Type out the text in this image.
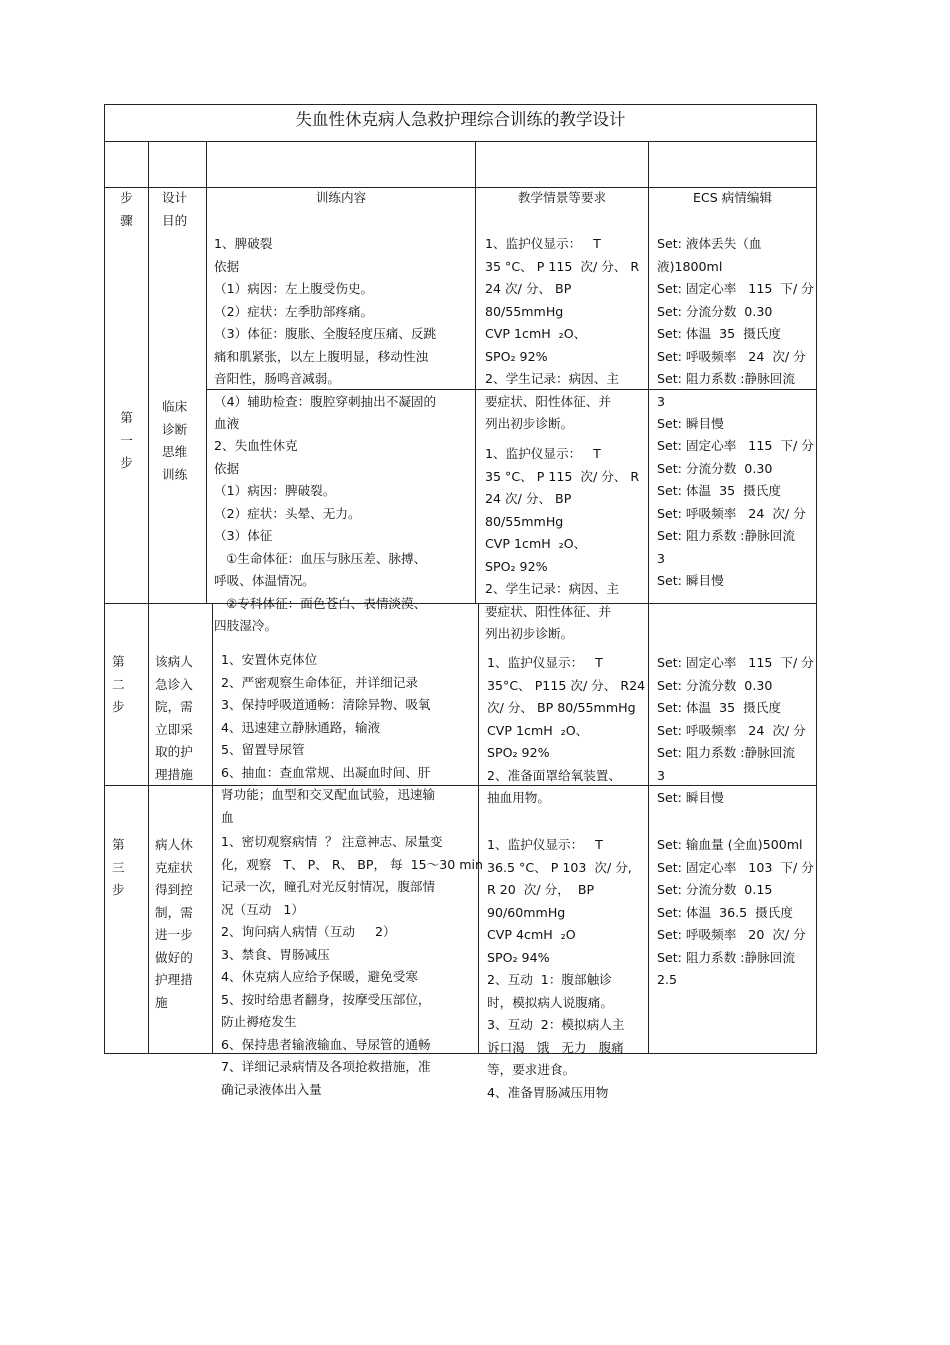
失血性休克病人急救护理综合训练的教学设计

步
骤

设计
目的

训练内容

	教学情景等要求

	ECS 病情编辑

第
一
步

临床
诊断
思维
训练

1、脾破裂
依据
（1）病因：左上腹受伤史。
（2）症状：左季肋部疼痛。
（3）体征：腹胀、全腹轻度压痛、反跳
痛和肌紧张，以左上腹明显，移动性浊
音阳性，肠鸣音减弱。
（4）辅助检查：腹腔穿刺抽出不凝固的
血液

1、监护仪显示：   T
35 °C、 P 115  次/ 分、 R
24 次/ 分、 BP
80/55mmHg
CVP 1cmH  ₂O、
SPO₂ 92%
2、学生记录：病因、主
要症状、阳性体征、并
列出初步诊断。

Set: 液体丢失（血
液)1800ml
Set: 固定心率   115  下/ 分
Set: 分流分数  0.30
Set: 体温  35  摄氏度
Set: 呼吸频率   24  次/ 分
Set: 阻力系数 :静脉回流
3
Set: 瞬目慢

2、失血性休克
依据
（1）病因：脾破裂。
（2）症状：头晕、无力。
（3）体征
①生命体征：血压与脉压差、脉搏、
呼吸、体温情况。
②专科体征：面色苍白、表情淡漠、
四肢湿冷。

1、监护仪显示：   T
35 °C、 P 115  次/ 分、 R
24 次/ 分、 BP
80/55mmHg
CVP 1cmH  ₂O、
SPO₂ 92%
2、学生记录：病因、主
要症状、阳性体征、并
列出初步诊断。

Set: 固定心率   115  下/ 分
Set: 分流分数  0.30
Set: 体温  35  摄氏度
Set: 呼吸频率   24  次/ 分
Set: 阻力系数 :静脉回流
3
Set: 瞬目慢

第
二
步

该病人
急诊入
院，需
立即采
取的护
理措施

1、安置休克体位
2、严密观察生命体征，并详细记录
3、保持呼吸道通畅：清除异物、吸氧
4、迅速建立静脉通路，输液
5、留置导尿管
6、抽血：查血常规、出凝血时间、肝
肾功能；血型和交叉配血试验，迅速输
血

1、监护仪显示：   T
35°C、 P115 次/ 分、 R24
次/ 分、 BP 80/55mmHg
CVP 1cmH  ₂O、
SPO₂ 92%
2、准备面罩给氧装置、
抽血用物。

Set: 固定心率   115  下/ 分
Set: 分流分数  0.30
Set: 体温  35  摄氏度
Set: 呼吸频率   24  次/ 分
Set: 阻力系数 :静脉回流
3
Set: 瞬目慢

第
三
步

病人休
克症状
得到控
制，需
进一步
做好的
护理措
施

1、密切观察病情  ？ 注意神志、尿量变
化，观察   T、 P、 R、 BP， 每  15～30 min
记录一次，瞳孔对光反射情况，腹部情
况（互动   1）
2、询问病人病情（互动     2）
3、禁食、胃肠减压
4、休克病人应给予保暖，避免受寒
5、按时给患者翻身，按摩受压部位，
防止褥疮发生
6、保持患者输液输血、导尿管的通畅
7、详细记录病情及各项抢救措施，准
确记录液体出入量

1、监护仪显示：   T
36.5 °C、 P 103  次/ 分,
R 20  次/ 分，  BP
90/60mmHg
CVP 4cmH  ₂O
SPO₂ 94%
2、互动  1：腹部触诊
时，模拟病人说腹痛。
3、互动  2：模拟病人主
诉口渴   饿   无力   腹痛
等，要求进食。
4、准备胃肠减压用物

Set: 输血量 (全血)500ml
Set: 固定心率   103  下/ 分
Set: 分流分数  0.15
Set: 体温  36.5  摄氏度
Set: 呼吸频率   20  次/ 分
Set: 阻力系数 :静脉回流
2.5
